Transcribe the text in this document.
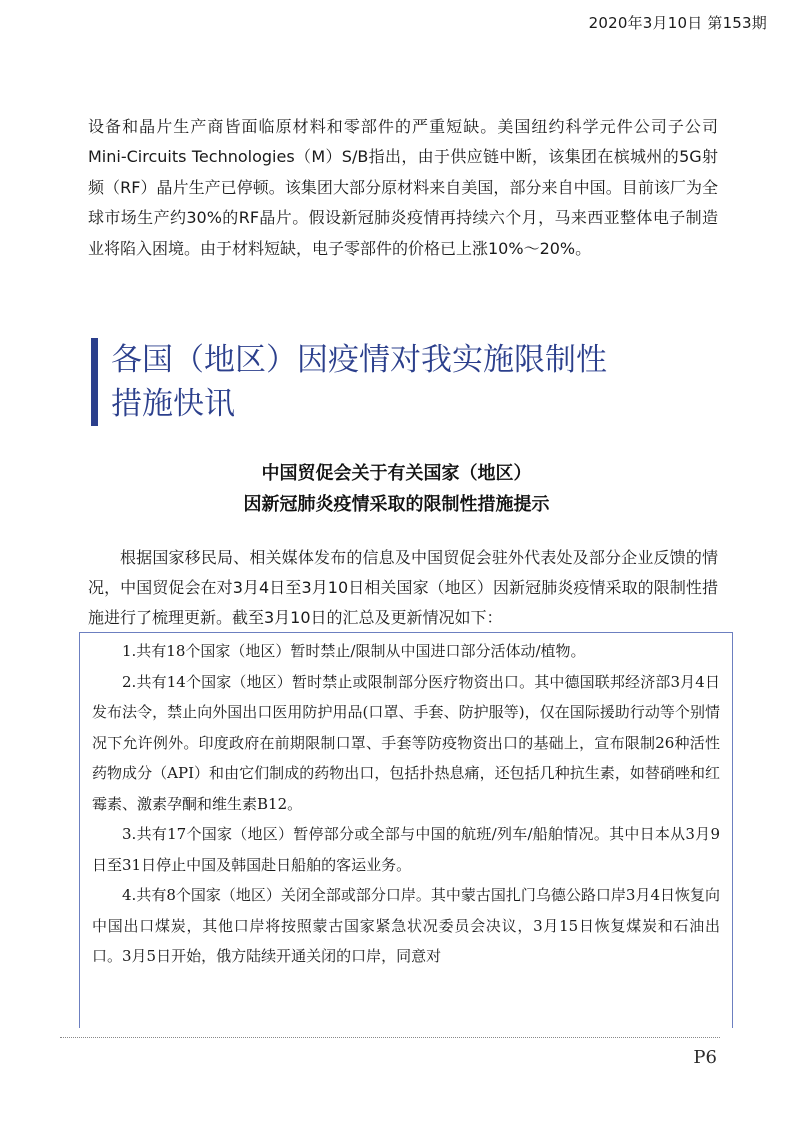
2020年3月10日 第153期

设备和晶片生产商皆面临原材料和零部件的严重短缺。美国纽约科学元件公司子公司Mini-Circuits Technologies（M）S/B指出，由于供应链中断，该集团在槟城州的5G射频（RF）晶片生产已停顿。该集团大部分原材料来自美国，部分来自中国。目前该厂为全球市场生产约30%的RF晶片。假设新冠肺炎疫情再持续六个月，马来西亚整体电子制造业将陷入困境。由于材料短缺，电子零部件的价格已上涨10%～20%。

各国（地区）因疫情对我实施限制性
措施快讯
中国贸促会关于有关国家（地区）
因新冠肺炎疫情采取的限制性措施提示

根据国家移民局、相关媒体发布的信息及中国贸促会驻外代表处及部分企业反馈的情况，中国贸促会在对3月4日至3月10日相关国家（地区）因新冠肺炎疫情采取的限制性措施进行了梳理更新。截至3月10日的汇总及更新情况如下：

1.共有18个国家（地区）暂时禁止/限制从中国进口部分活体动/植物。

2.共有14个国家（地区）暂时禁止或限制部分医疗物资出口。其中德国联邦经济部3月4日发布法令，禁止向外国出口医用防护用品(口罩、手套、防护服等)，仅在国际援助行动等个别情况下允许例外。印度政府在前期限制口罩、手套等防疫物资出口的基础上，宣布限制26种活性药物成分（API）和由它们制成的药物出口，包括扑热息痛，还包括几种抗生素，如替硝唑和红霉素、激素孕酮和维生素B12。

3.共有17个国家（地区）暂停部分或全部与中国的航班/列车/船舶情况。其中日本从3月9日至31日停止中国及韩国赴日船舶的客运业务。

4.共有8个国家（地区）关闭全部或部分口岸。其中蒙古国扎门乌德公路口岸3月4日恢复向中国出口煤炭，其他口岸将按照蒙古国家紧急状况委员会决议，3月15日恢复煤炭和石油出口。3月5日开始，俄方陆续开通关闭的口岸，同意对

P6
